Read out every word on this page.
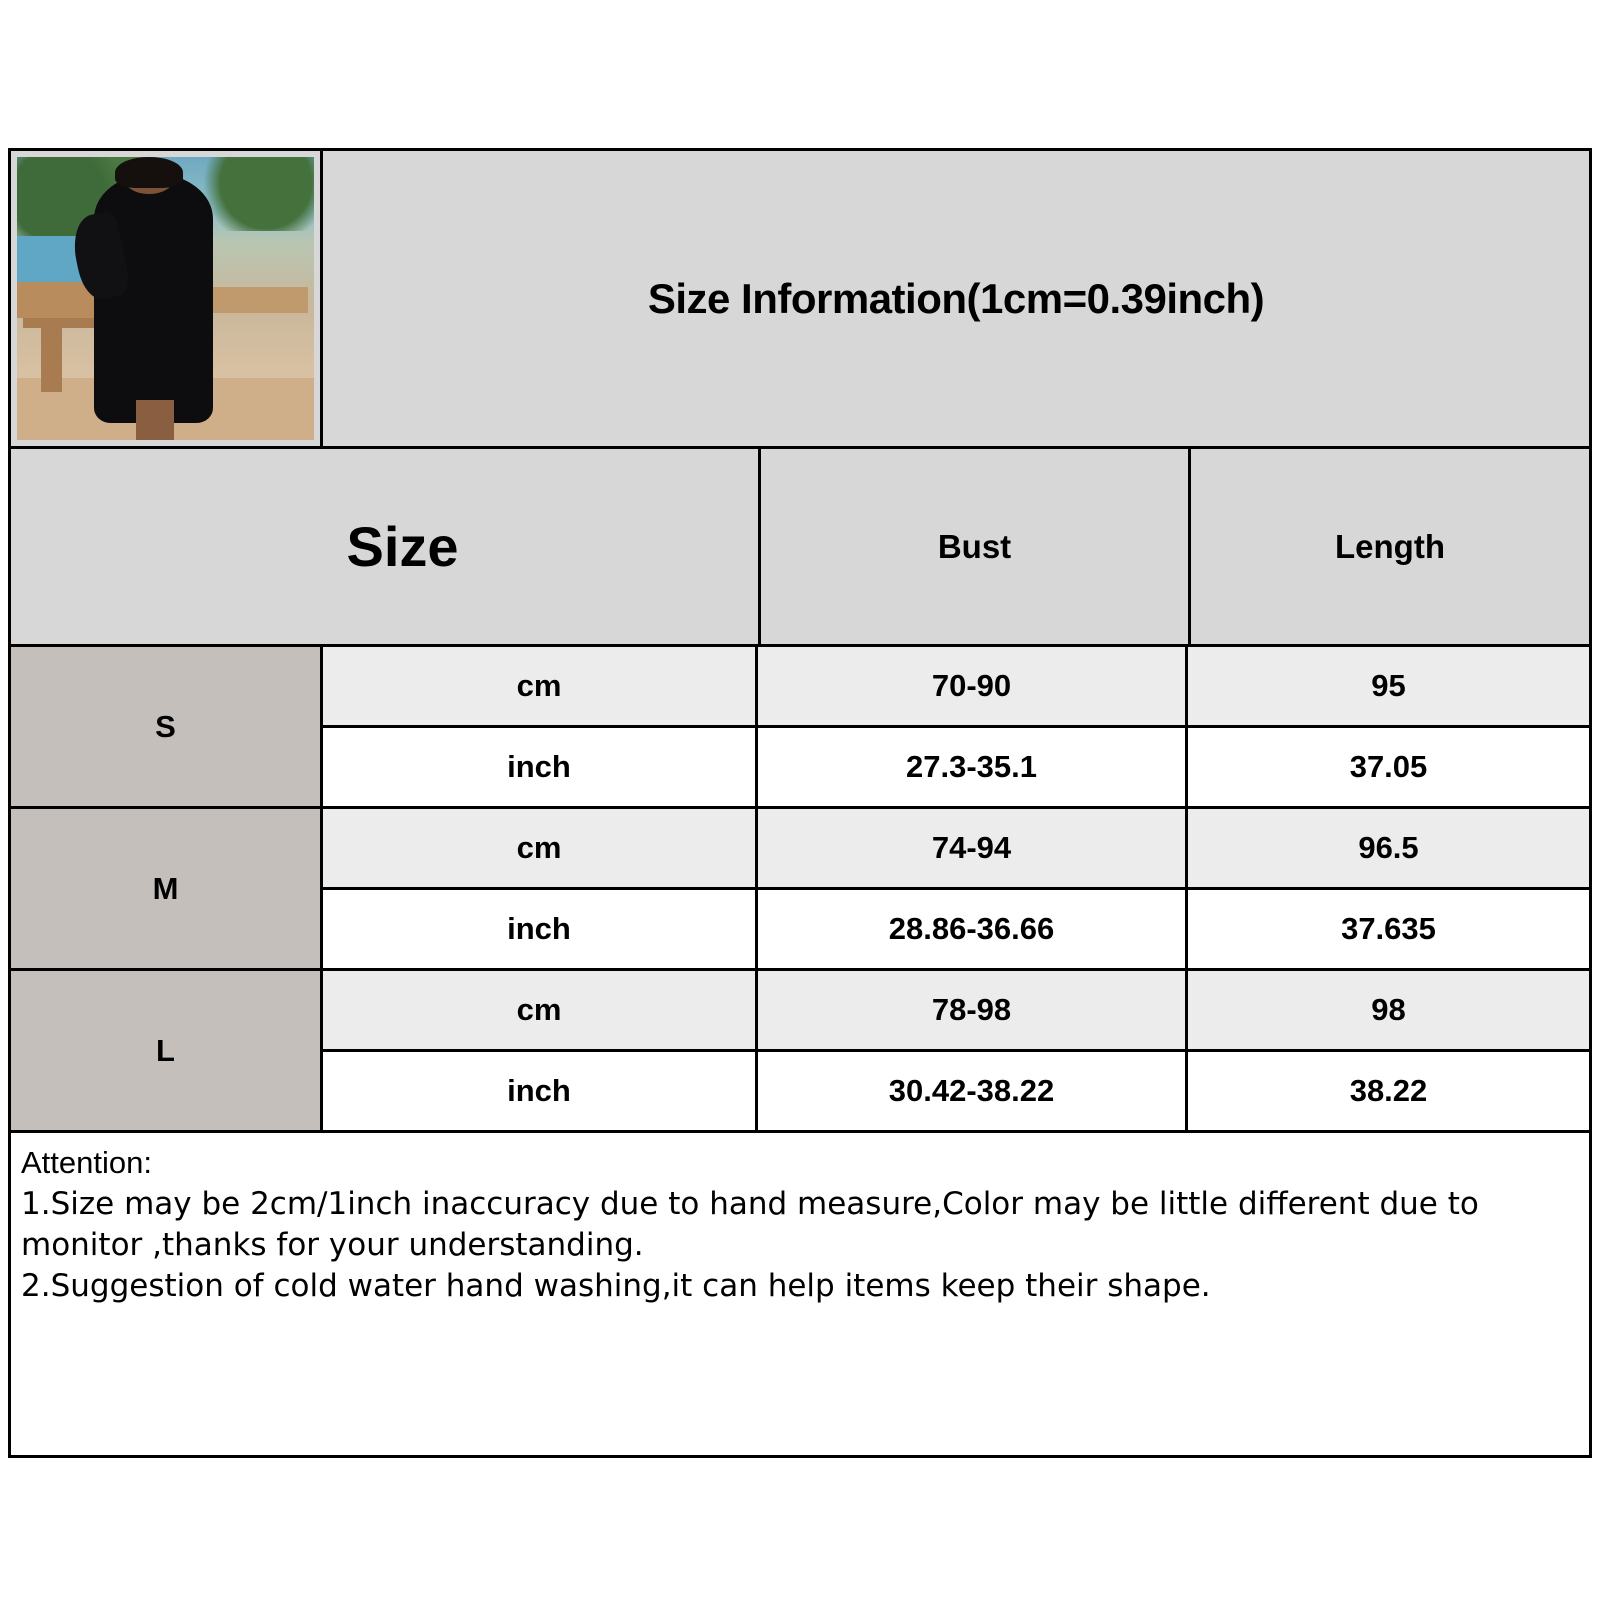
Size Information(1cm=0.39inch)
Size	Bust	Length
S
cm	70-90	95
inch	27.3-35.1	37.05
M
cm	74-94	96.5
inch	28.86-36.66	37.635
L
cm	78-98	98
inch	30.42-38.22	38.22
Attention:
1.Size may be 2cm/1inch inaccuracy due to hand measure,Color may be little different due to
monitor ,thanks for your understanding.
2.Suggestion of cold water hand washing,it can help items keep their shape.
